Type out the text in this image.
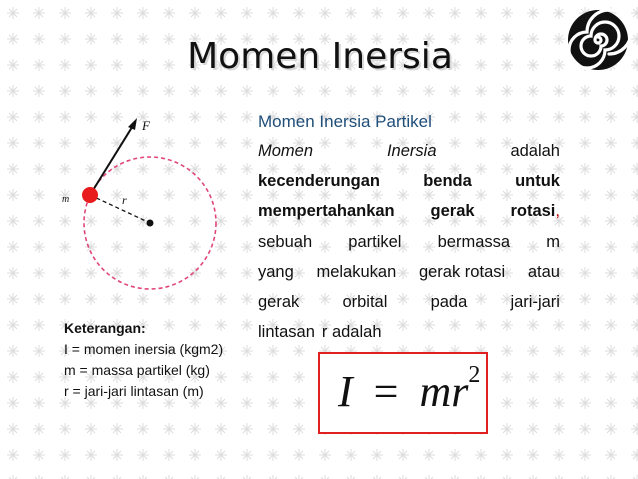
Momen Inersia
F
r
m
Momen Inersia Partikel
Momen	Inersia	adalah
kecenderungan	benda	untuk
mempertahankan gerak rotasi,
sebuah partikel bermassa m
yang melakukan gerak rotasi atau
gerak	orbital	pada	jari-jari
lintasan r adalah
Keterangan:
I = momen inersia (kgm2)
m = massa partikel (kg)
r = jari-jari lintasan (m)	$I = mr^2$
